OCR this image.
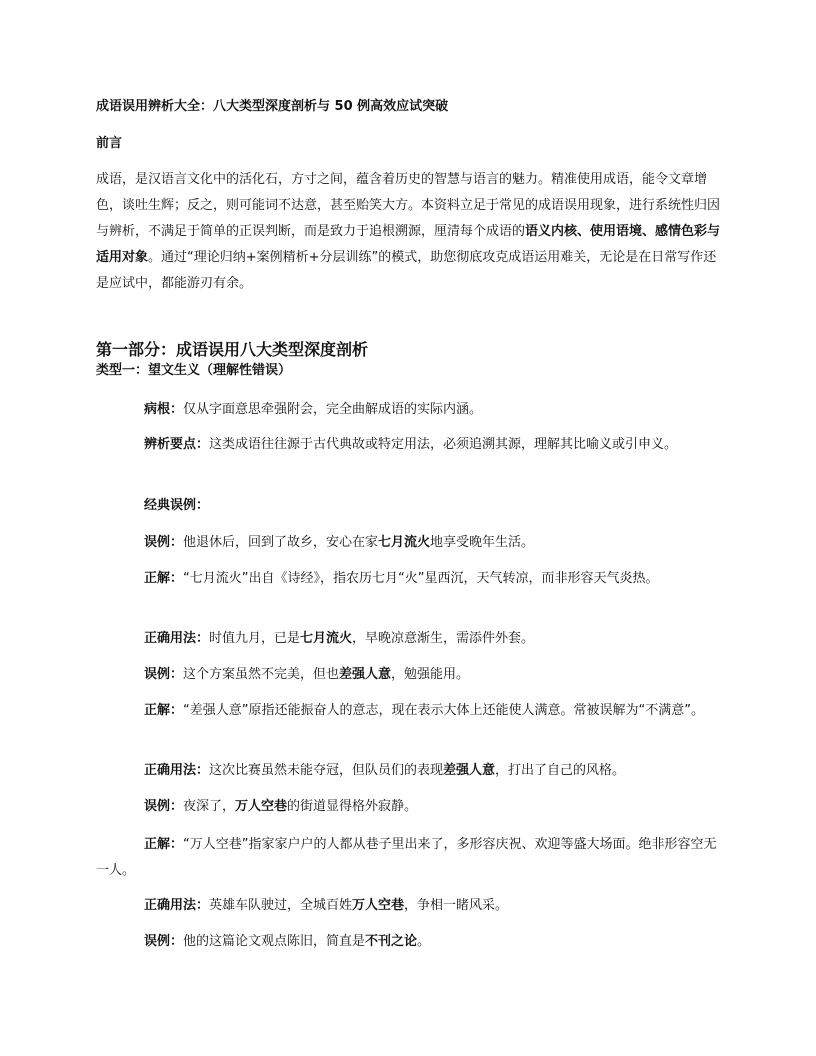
成语误用辨析大全：八大类型深度剖析与 50 例高效应试突破
前言
成语，是汉语言文化中的活化石，方寸之间，蕴含着历史的智慧与语言的魅力。精准使用成语，能令文章增色，谈吐生辉；反之，则可能词不达意，甚至贻笑大方。本资料立足于常见的成语误用现象，进行系统性归因与辨析，不满足于简单的正误判断，而是致力于追根溯源，厘清每个成语的语义内核、使用语境、感情色彩与适用对象。通过“理论归纳+案例精析+分层训练”的模式，助您彻底攻克成语运用难关，无论是在日常写作还是应试中，都能游刃有余。
第一部分：成语误用八大类型深度剖析
类型一：望文生义（理解性错误）
病根：仅从字面意思牵强附会，完全曲解成语的实际内涵。
辨析要点：这类成语往往源于古代典故或特定用法，必须追溯其源，理解其比喻义或引申义。
经典误例：
误例：他退休后，回到了故乡，安心在家七月流火地享受晚年生活。
正解：“七月流火”出自《诗经》，指农历七月“火”星西沉，天气转凉，而非形容天气炎热。
正确用法：时值九月，已是七月流火，早晚凉意渐生，需添件外套。
误例：这个方案虽然不完美，但也差强人意，勉强能用。
正解：“差强人意”原指还能振奋人的意志，现在表示大体上还能使人满意。常被误解为“不满意”。
正确用法：这次比赛虽然未能夺冠，但队员们的表现差强人意，打出了自己的风格。
误例：夜深了，万人空巷的街道显得格外寂静。
正解：“万人空巷”指家家户户的人都从巷子里出来了，多形容庆祝、欢迎等盛大场面。绝非形容空无一人。
正确用法：英雄车队驶过，全城百姓万人空巷，争相一睹风采。
误例：他的这篇论文观点陈旧，简直是不刊之论。
